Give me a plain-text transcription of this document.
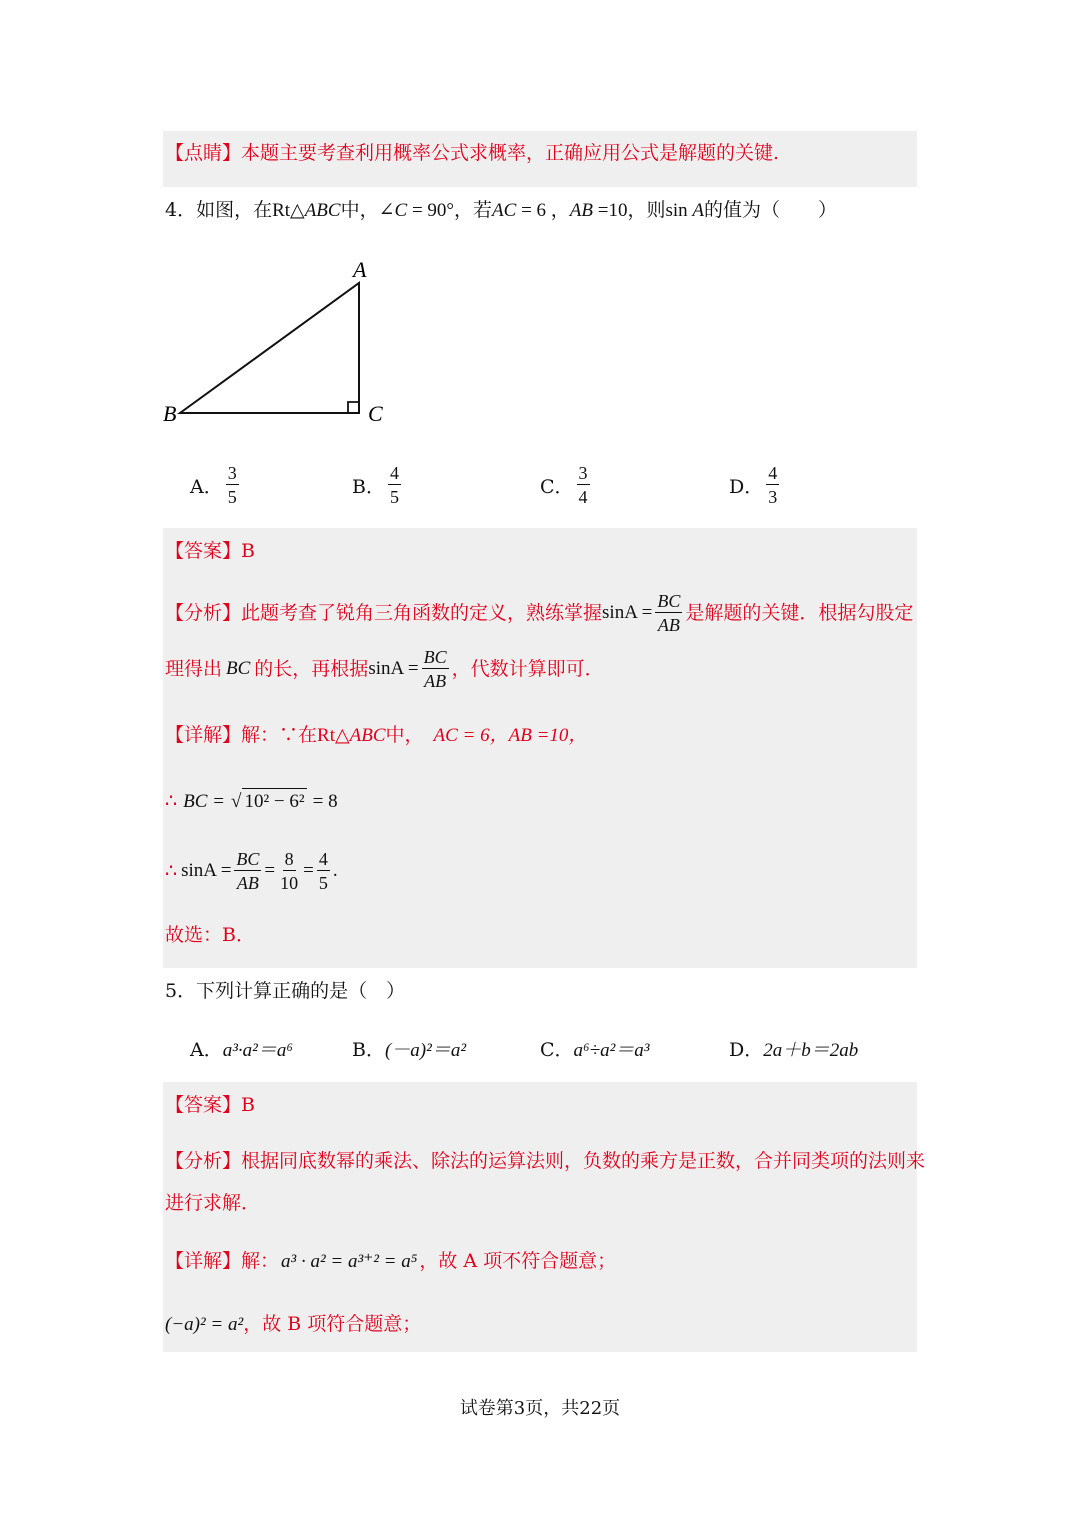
【点睛】本题主要考查利用概率公式求概率，正确应用公式是解题的关键.
4．如图，在Rt△ABC中，∠C = 90°，若AC = 6 ，AB =10，则sin A的值为（　　）
A
B	C
A． $\frac{3}{5}$	B． $\frac{4}{5}$	C． $\frac{3}{4}$	D． $\frac{4}{3}$
【答案】B
【分析】 此题考查了锐角三角函数的定义，熟练掌握 $\sin A = \frac{BC}{AB}$ 是解题的关键．根据勾股定
理得出 BC 的长，再根据 $\sin A = \frac{BC}{AB}$ ，代数计算即可．
【详解】解：∵在Rt△ABC中， AC = 6，AB =10，
∴ BC = √ 10² − 6² = 8
∴ $\sin A = \frac{BC}{AB} = \frac{8}{10} = \frac{4}{5}$ .
故选：B．
5．下列计算正确的是（　）
A． a³·a²＝a⁶	B． (－a)²＝a²	C． a⁶÷a²＝a³	D． 2a＋b＝2ab
【答案】B
【分析】根据同底数幂的乘法、除法的运算法则，负数的乘方是正数，合并同类项的法则来
进行求解．
【详解】解： a³ · a² = a³⁺² = a⁵ ，故 A 项不符合题意；
(−a)² = a²，故 B 项符合题意；
试卷第3页，共22页
